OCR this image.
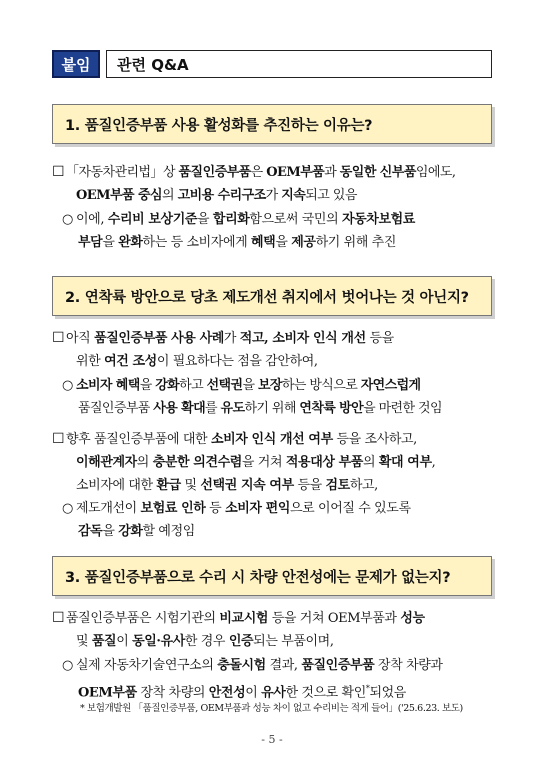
붙임	관련 Q&A
1. 품질인증부품 사용 활성화를 추진하는 이유는?
☐ 「자동차관리법」상 품질인증부품은 OEM부품과 동일한 신부품임에도,
OEM부품 중심의 고비용 수리구조가 지속되고 있음
○ 이에, 수리비 보상기준을 합리화함으로써 국민의 자동차보험료
부담을 완화하는 등 소비자에게 혜택을 제공하기 위해 추진
2. 연착륙 방안으로 당초 제도개선 취지에서 벗어나는 것 아닌지?
☐ 아직 품질인증부품 사용 사례가 적고, 소비자 인식 개선 등을
위한 여건 조성이 필요하다는 점을 감안하여,
○ 소비자 혜택을 강화하고 선택권을 보장하는 방식으로 자연스럽게
품질인증부품 사용 확대를 유도하기 위해 연착륙 방안을 마련한 것임
☐ 향후 품질인증부품에 대한 소비자 인식 개선 여부 등을 조사하고,
이해관계자의 충분한 의견수렴을 거쳐 적용대상 부품의 확대 여부,
소비자에 대한 환급 및 선택권 지속 여부 등을 검토하고,
○ 제도개선이 보험료 인하 등 소비자 편익으로 이어질 수 있도록
감독을 강화할 예정임
3. 품질인증부품으로 수리 시 차량 안전성에는 문제가 없는지?
☐ 품질인증부품은 시험기관의 비교시험 등을 거쳐 OEM부품과 성능
및 품질이 동일·유사한 경우 인증되는 부품이며,
○ 실제 자동차기술연구소의 충돌시험 결과, 품질인증부품 장착 차량과
OEM부품 장착 차량의 안전성이 유사한 것으로 확인*되었음
* 보험개발원 「품질인증부품, OEM부품과 성능 차이 없고 수리비는 적게 들어」('25.6.23. 보도)
- 5 -
